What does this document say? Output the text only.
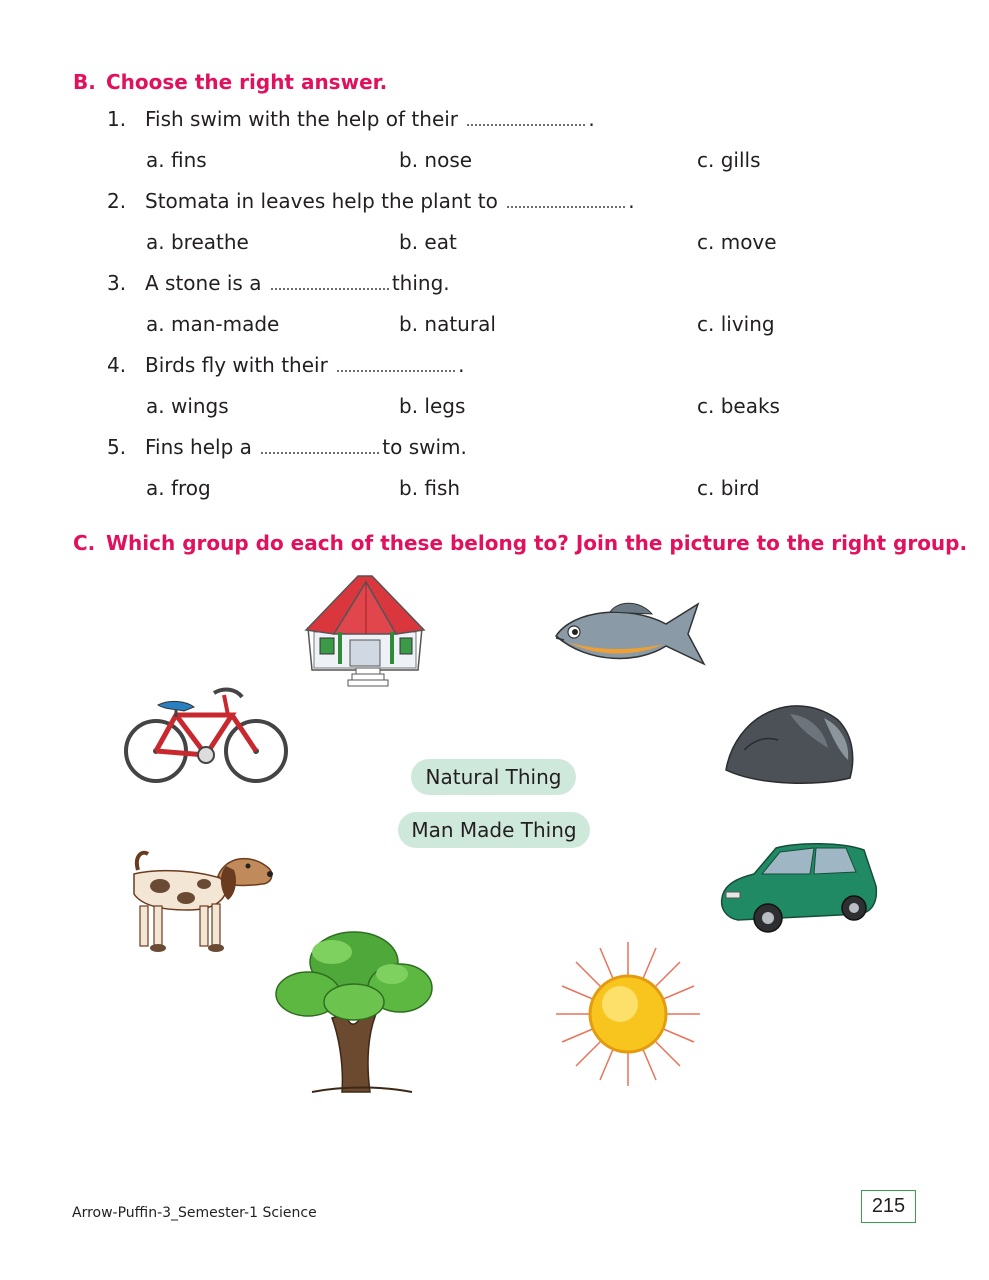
B. Choose the right answer.
1. Fish swim with the help of their	.
a. fins	b. nose	c. gills
2. Stomata in leaves help the plant to	.
a. breathe	b. eat	c. move
3. A stone is a	thing.
a. man-made	b. natural	c. living
4. Birds fly with their	.
a. wings	b. legs	c. beaks
5. Fins help a	to swim.
a. frog	b. fish	c. bird
C. Which group do each of these belong to? Join the picture to the right group.
Natural Thing
Man Made Thing
Arrow-Puffin-3_Semester-1 Science	215
